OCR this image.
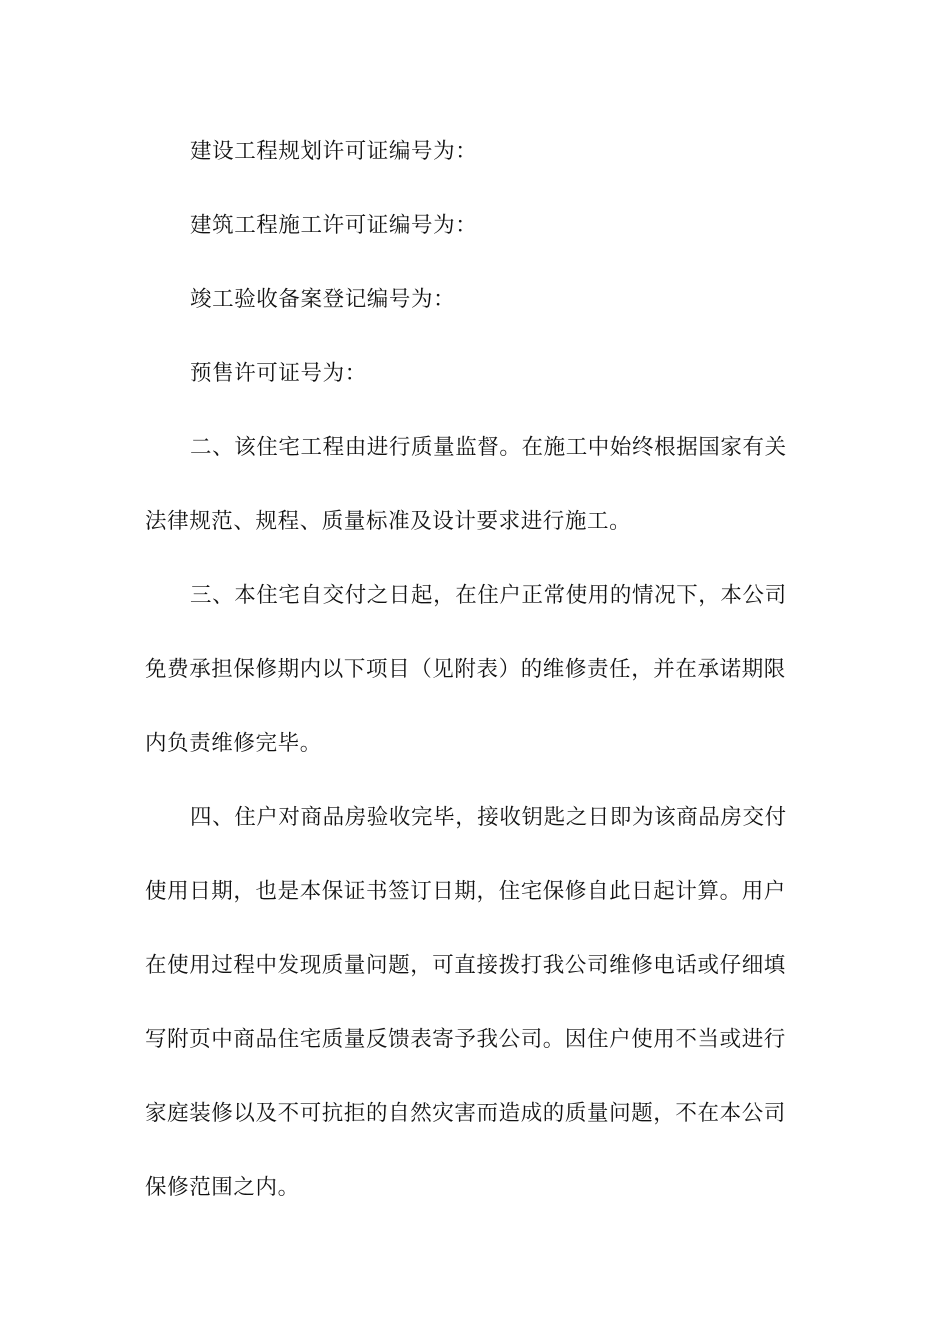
建设工程规划许可证编号为：
建筑工程施工许可证编号为：
竣工验收备案登记编号为：
预售许可证号为：
二、该住宅工程由进行质量监督。在施工中始终根据国家有关
法律规范、规程、质量标准及设计要求进行施工。
三、本住宅自交付之日起，在住户正常使用的情况下，本公司
免费承担保修期内以下项目（见附表）的维修责任，并在承诺期限
内负责维修完毕。
四、住户对商品房验收完毕，接收钥匙之日即为该商品房交付
使用日期，也是本保证书签订日期，住宅保修自此日起计算。用户
在使用过程中发现质量问题，可直接拨打我公司维修电话或仔细填
写附页中商品住宅质量反馈表寄予我公司。因住户使用不当或进行
家庭装修以及不可抗拒的自然灾害而造成的质量问题，不在本公司
保修范围之内。
